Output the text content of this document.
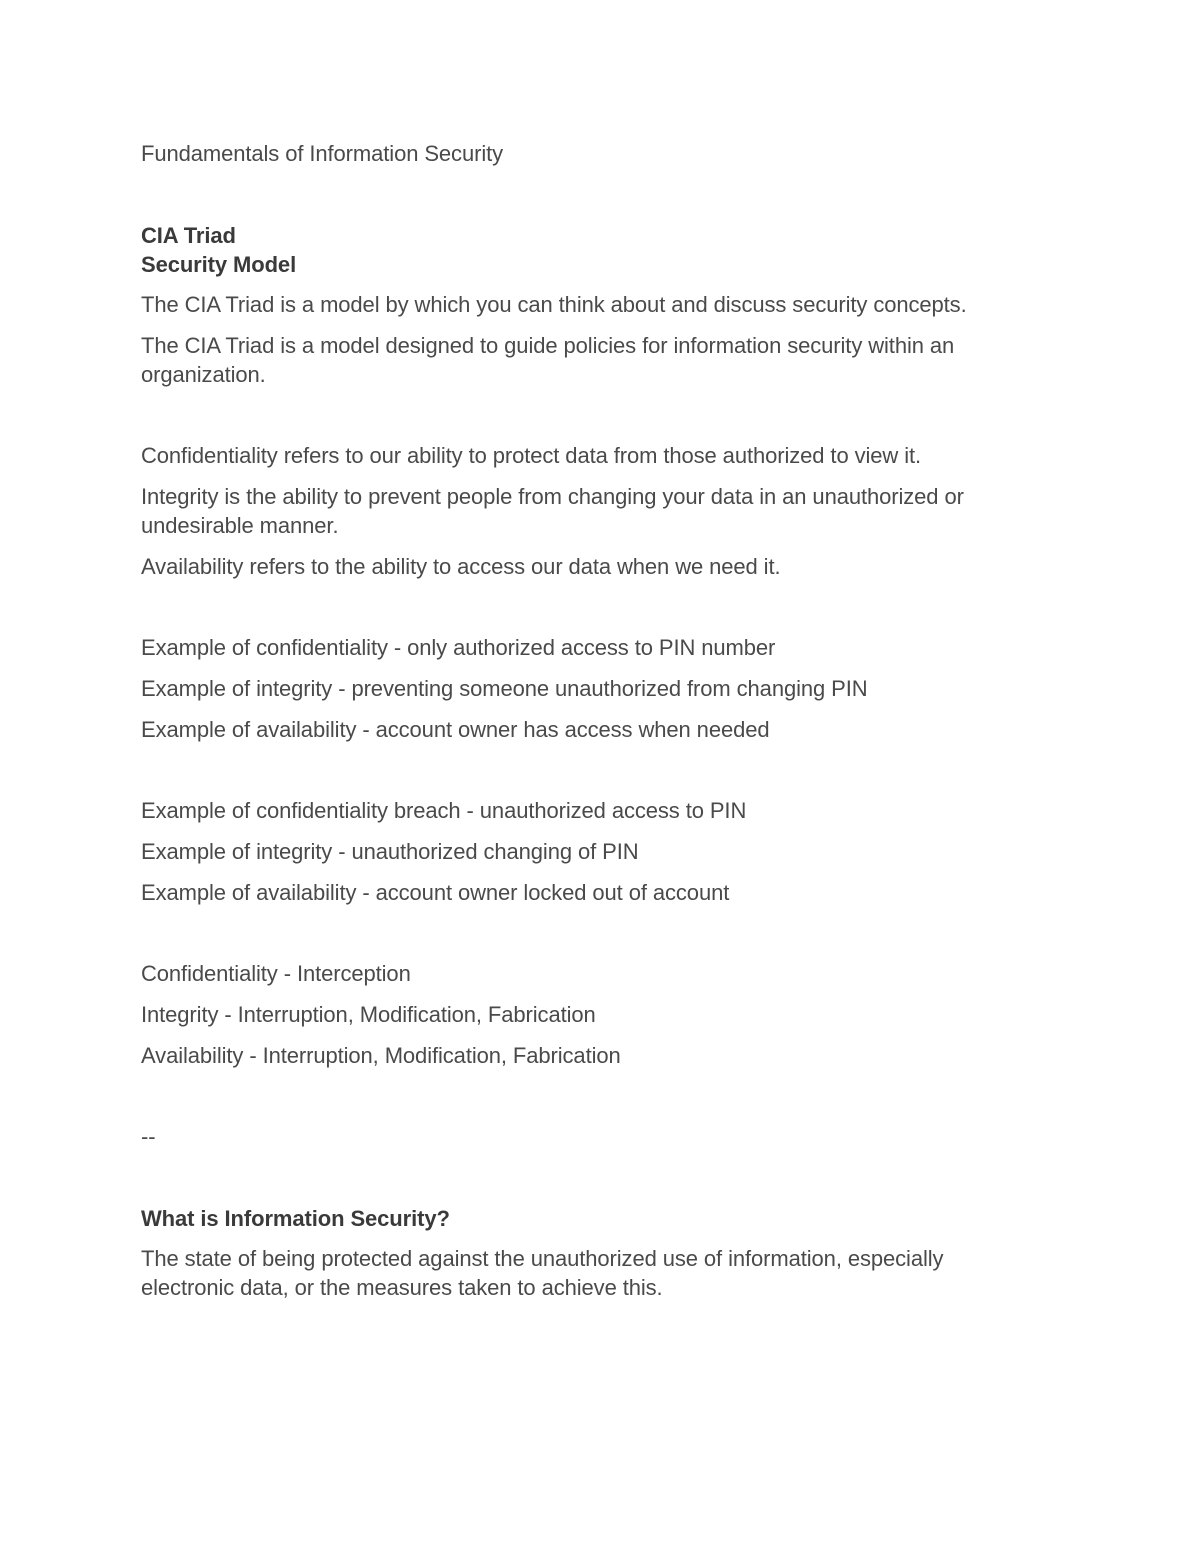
Fundamentals of Information Security

CIA Triad

Security Model

The CIA Triad is a model by which you can think about and discuss security concepts.

The CIA Triad is a model designed to guide policies for information security within an organization.

Confidentiality refers to our ability to protect data from those authorized to view it.

Integrity is the ability to prevent people from changing your data in an unauthorized or undesirable manner.

Availability refers to the ability to access our data when we need it.

Example of confidentiality - only authorized access to PIN number

Example of integrity - preventing someone unauthorized from changing PIN

Example of availability - account owner has access when needed

Example of confidentiality breach - unauthorized access to PIN

Example of integrity - unauthorized changing of PIN

Example of availability - account owner locked out of account

Confidentiality - Interception

Integrity - Interruption, Modification, Fabrication

Availability - Interruption, Modification, Fabrication

--

What is Information Security?

The state of being protected against the unauthorized use of information, especially electronic data, or the measures taken to achieve this.
